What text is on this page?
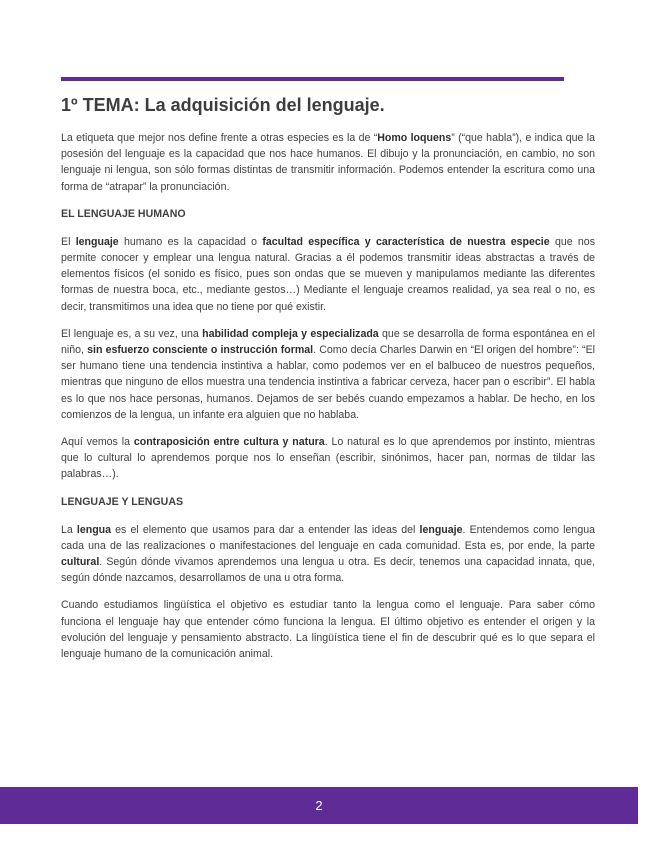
1º TEMA: La adquisición del lenguaje.

La etiqueta que mejor nos define frente a otras especies es la de “Homo loquens” (“que habla”), e indica que la posesión del lenguaje es la capacidad que nos hace humanos. El dibujo y la pronunciación, en cambio, no son lenguaje ni lengua, son sólo formas distintas de transmitir información. Podemos entender la escritura como una forma de “atrapar” la pronunciación.

EL LENGUAJE HUMANO

El lenguaje humano es la capacidad o facultad específica y característica de nuestra especie que nos permite conocer y emplear una lengua natural. Gracias a él podemos transmitir ideas abstractas a través de elementos físicos (el sonido es físico, pues son ondas que se mueven y manipulamos mediante las diferentes formas de nuestra boca, etc., mediante gestos…) Mediante el lenguaje creamos realidad, ya sea real o no, es decir, transmitimos una idea que no tiene por qué existir.

El lenguaje es, a su vez, una habilidad compleja y especializada que se desarrolla de forma espontánea en el niño, sin esfuerzo consciente o instrucción formal. Como decía Charles Darwin en “El origen del hombre”: “El ser humano tiene una tendencia instintiva a hablar, como podemos ver en el balbuceo de nuestros pequeños, mientras que ninguno de ellos muestra una tendencia instintiva a fabricar cerveza, hacer pan o escribir”. El habla es lo que nos hace personas, humanos. Dejamos de ser bebés cuando empezamos a hablar. De hecho, en los comienzos de la lengua, un infante era alguien que no hablaba.

Aquí vemos la contraposición entre cultura y natura. Lo natural es lo que aprendemos por instinto, mientras que lo cultural lo aprendemos porque nos lo enseñan (escribir, sinónimos, hacer pan, normas de tildar las palabras…).

LENGUAJE Y LENGUAS

La lengua es el elemento que usamos para dar a entender las ideas del lenguaje. Entendemos como lengua cada una de las realizaciones o manifestaciones del lenguaje en cada comunidad. Esta es, por ende, la parte cultural. Según dónde vivamos aprendemos una lengua u otra. Es decir, tenemos una capacidad innata, que, según dónde nazcamos, desarrollamos de una u otra forma.

Cuando estudiamos lingüística el objetivo es estudiar tanto la lengua como el lenguaje. Para saber cómo funciona el lenguaje hay que entender cómo funciona la lengua. El último objetivo es entender el origen y la evolución del lenguaje y pensamiento abstracto. La lingüística tiene el fin de descubrir qué es lo que separa el lenguaje humano de la comunicación animal.

2
